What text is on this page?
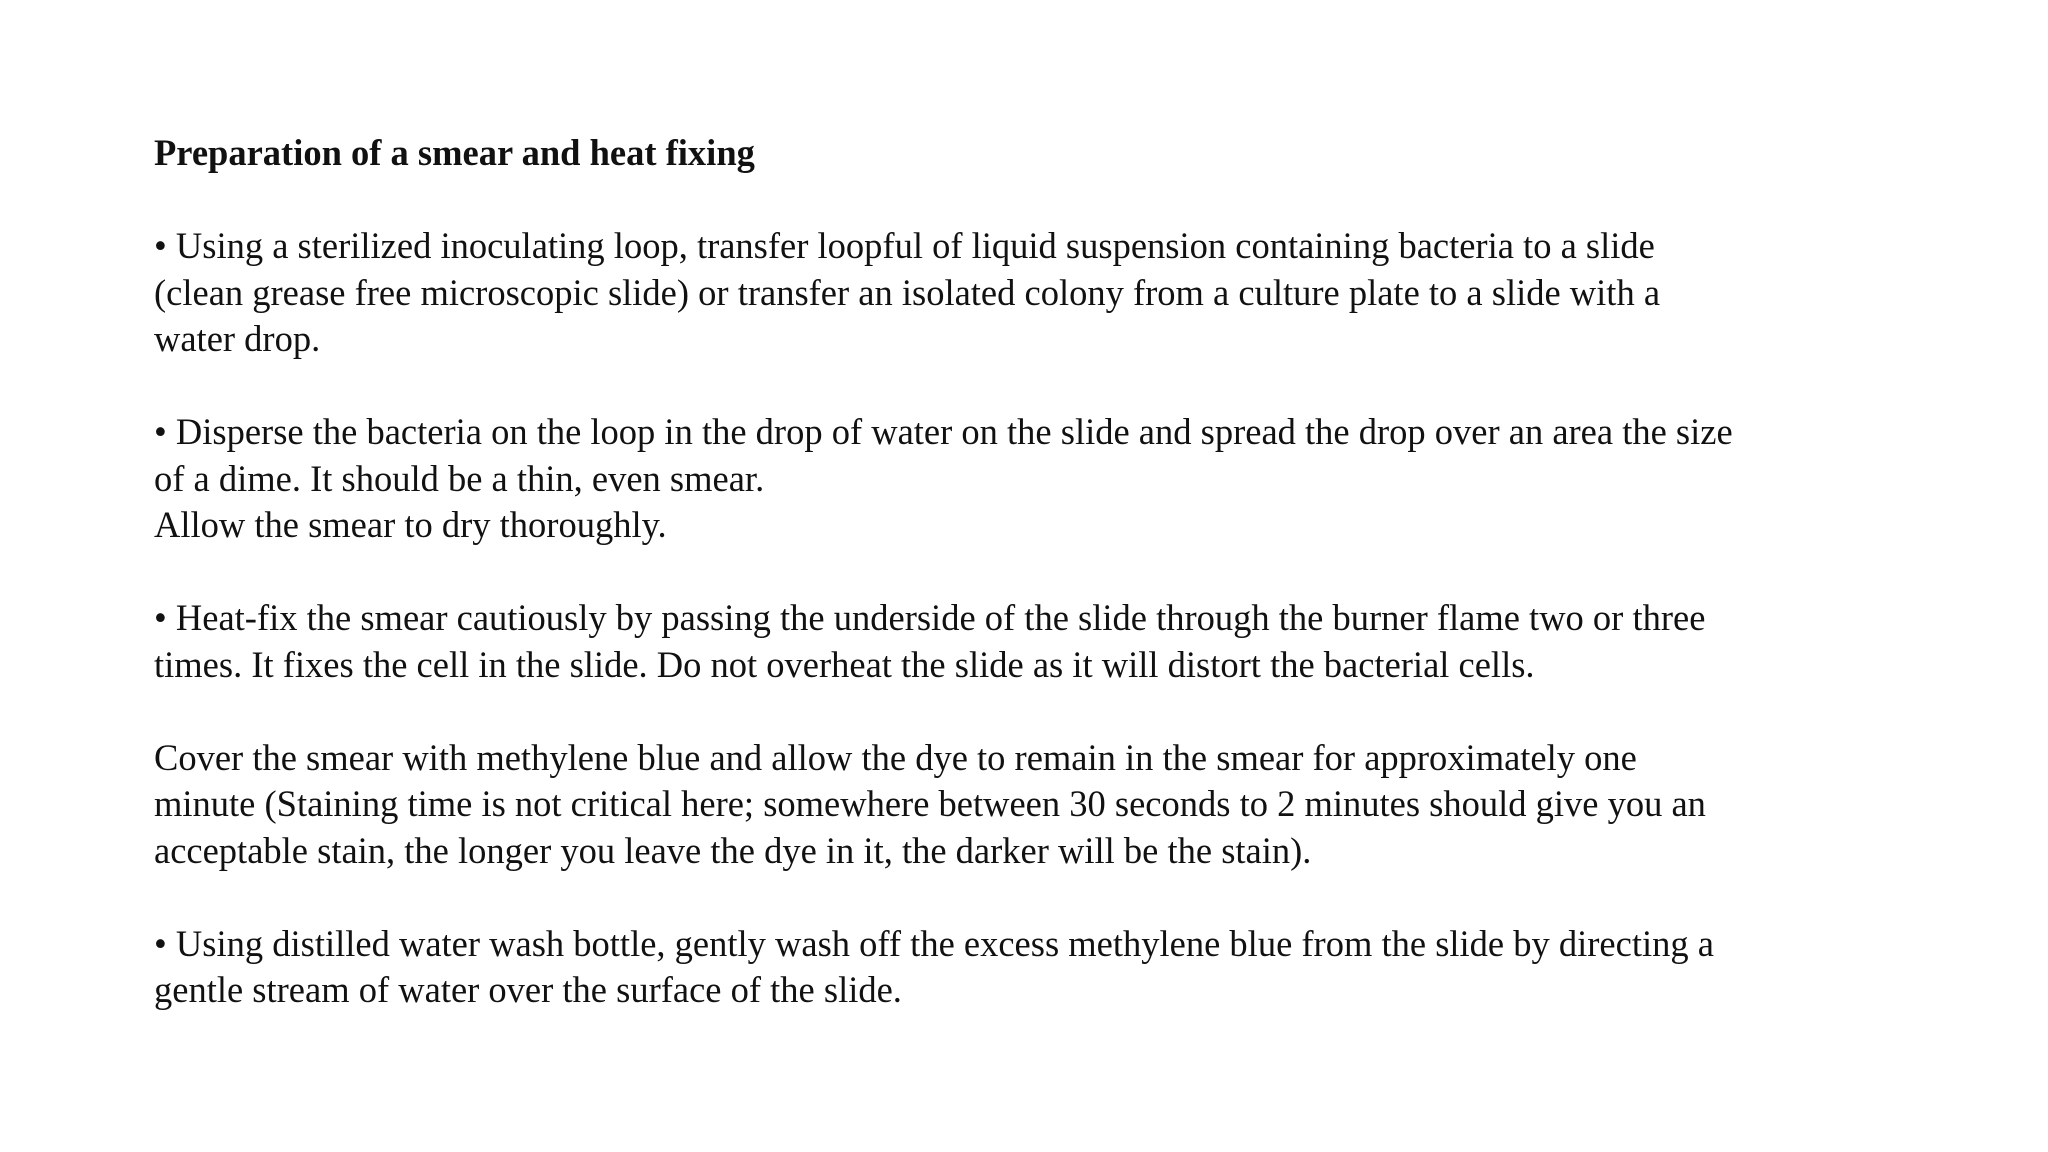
Preparation of a smear and heat fixing
• Using a sterilized inoculating loop, transfer loopful of liquid suspension containing bacteria to a slide
(clean grease free microscopic slide) or transfer an isolated colony from a culture plate to a slide with a
water drop.
• Disperse the bacteria on the loop in the drop of water on the slide and spread the drop over an area the size
of a dime. It should be a thin, even smear.
Allow the smear to dry thoroughly.
• Heat-fix the smear cautiously by passing the underside of the slide through the burner flame two or three
times. It fixes the cell in the slide. Do not overheat the slide as it will distort the bacterial cells.
Cover the smear with methylene blue and allow the dye to remain in the smear for approximately one
minute (Staining time is not critical here; somewhere between 30 seconds to 2 minutes should give you an
acceptable stain, the longer you leave the dye in it, the darker will be the stain).
• Using distilled water wash bottle, gently wash off the excess methylene blue from the slide by directing a
gentle stream of water over the surface of the slide.
